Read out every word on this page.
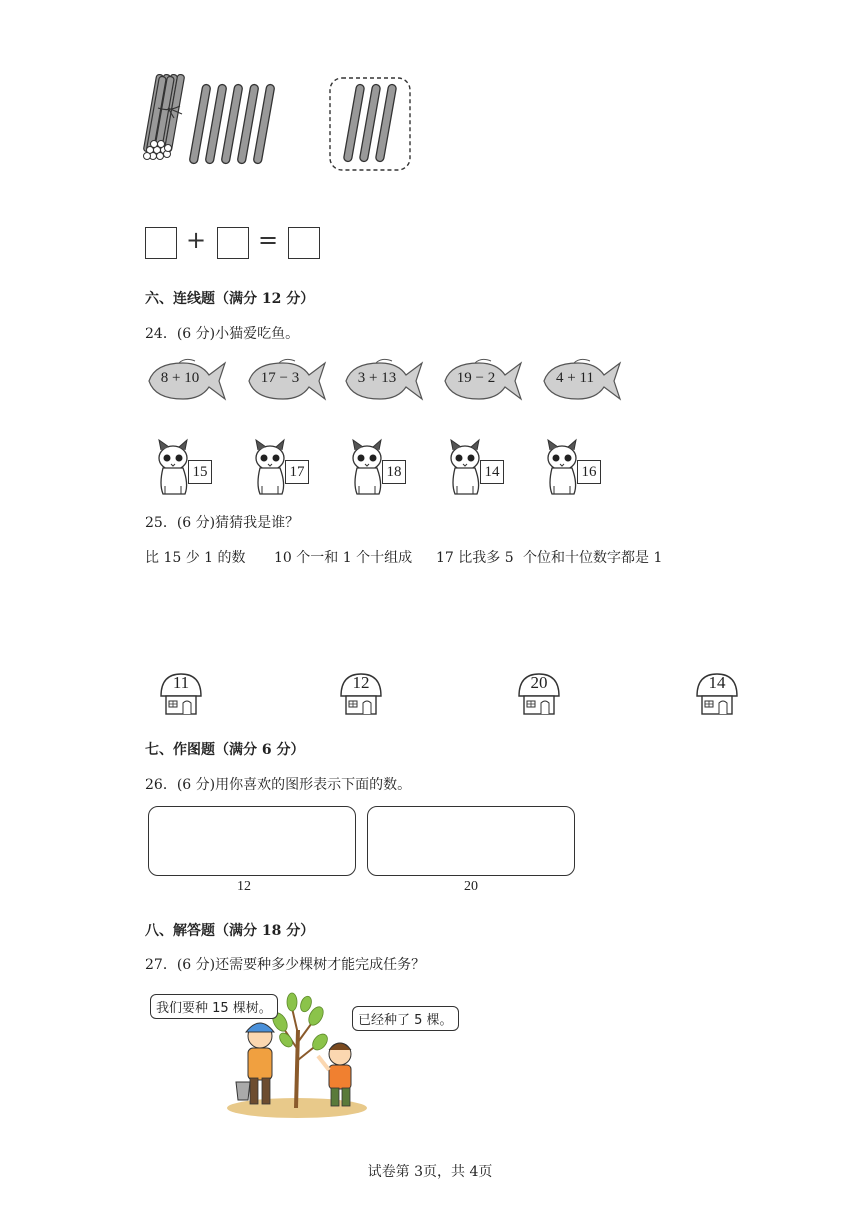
+ =
六、连线题（满分 12 分）
24．(6 分)小猫爱吃鱼。
8 + 10	17 − 3	3 + 13	19 − 2	4 + 11
15	17	18	14	16
25．(6 分)猜猜我是谁？
比 15 少 1 的数 10 个一和 1 个十组成 17 比我多 5 个位和十位数字都是 1
11	12	20	14
七、作图题（满分 6 分）
26．(6 分)用你喜欢的图形表示下面的数。
12	20
八、解答题（满分 18 分）
27．(6 分)还需要种多少棵树才能完成任务？
我们要种 15 棵树。
已经种了 5 棵。
试卷第 3页，共 4页
